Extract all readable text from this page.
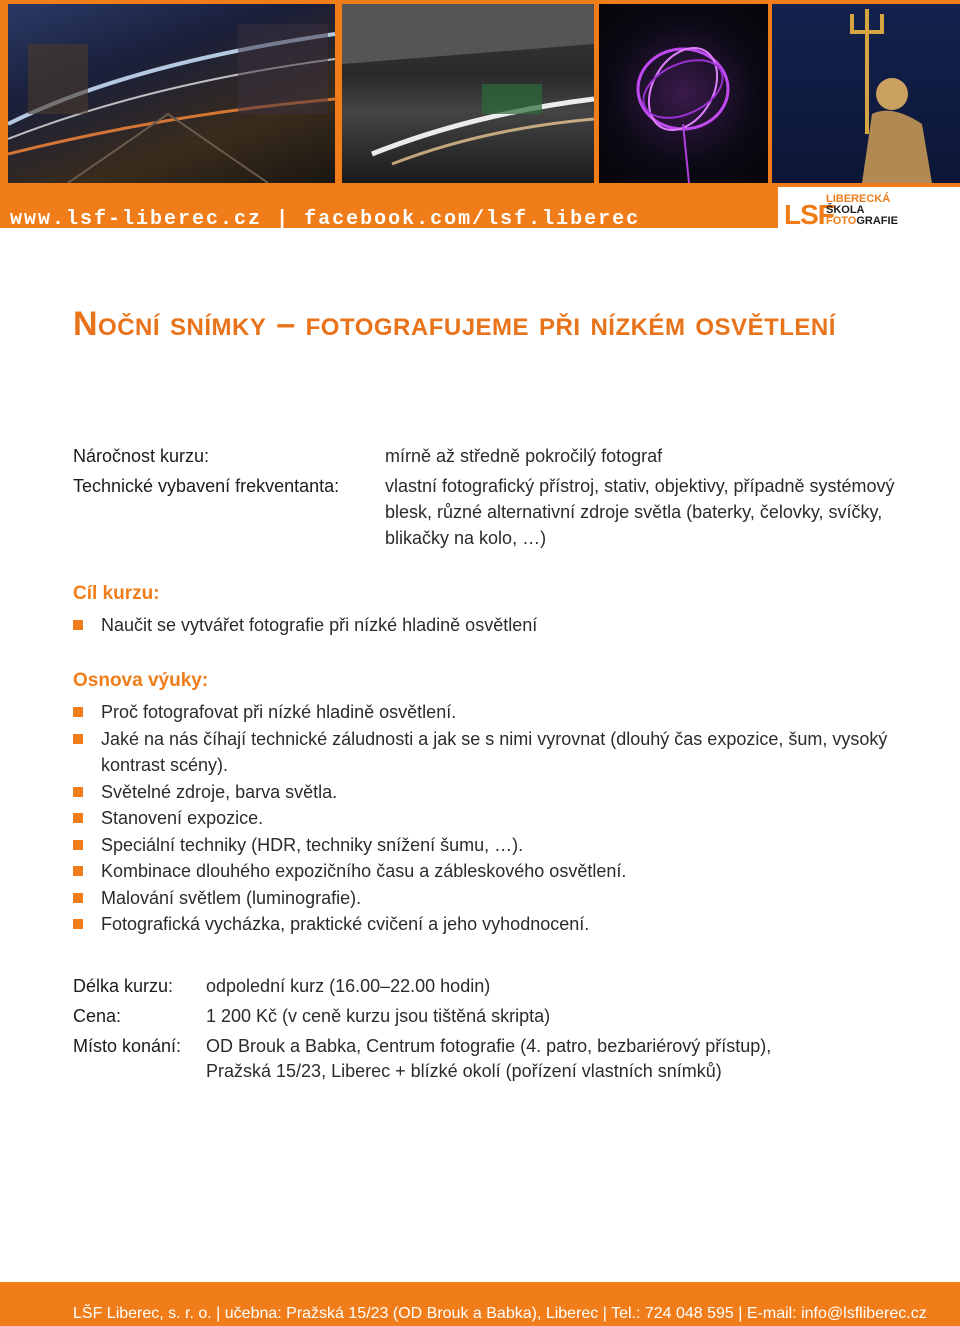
www.lsf-liberec.cz | facebook.com/lsf.liberec	LSF
LIBERECKÁ
ŠKOLA
FOTOGRAFIE
Noční snímky – fotografujeme při nízkém osvětlení
Náročnost kurzu:	mírně až středně pokročilý fotograf
Technické vybavení frekventanta:	vlastní fotografický přístroj, stativ, objektivy, případně systémový blesk, různé alternativní zdroje světla (baterky, čelovky, svíčky, blikačky na kolo, …)
Cíl kurzu:
Naučit se vytvářet fotografie při nízké hladině osvětlení
Osnova výuky:
Proč fotografovat při nízké hladině osvětlení.
Jaké na nás číhají technické záludnosti a jak se s nimi vyrovnat (dlouhý čas expozice, šum, vysoký kontrast scény).
Světelné zdroje, barva světla.
Stanovení expozice.
Speciální techniky (HDR, techniky snížení šumu, …).
Kombinace dlouhého expozičního času a zábleskového osvětlení.
Malování světlem (luminografie).
Fotografická vycházka, praktické cvičení a jeho vyhodnocení.
Délka kurzu: odpolední kurz (16.00–22.00 hodin)
Cena:	1 200 Kč (v ceně kurzu jsou tištěná skripta)
Místo konání: OD Brouk a Babka, Centrum fotografie (4. patro, bezbariérový přístup),
Pražská 15/23, Liberec + blízké okolí (pořízení vlastních snímků)
LŠF Liberec, s. r. o. | učebna: Pražská 15/23 (OD Brouk a Babka), Liberec | Tel.: 724 048 595 | E-mail: info@lsfliberec.cz
